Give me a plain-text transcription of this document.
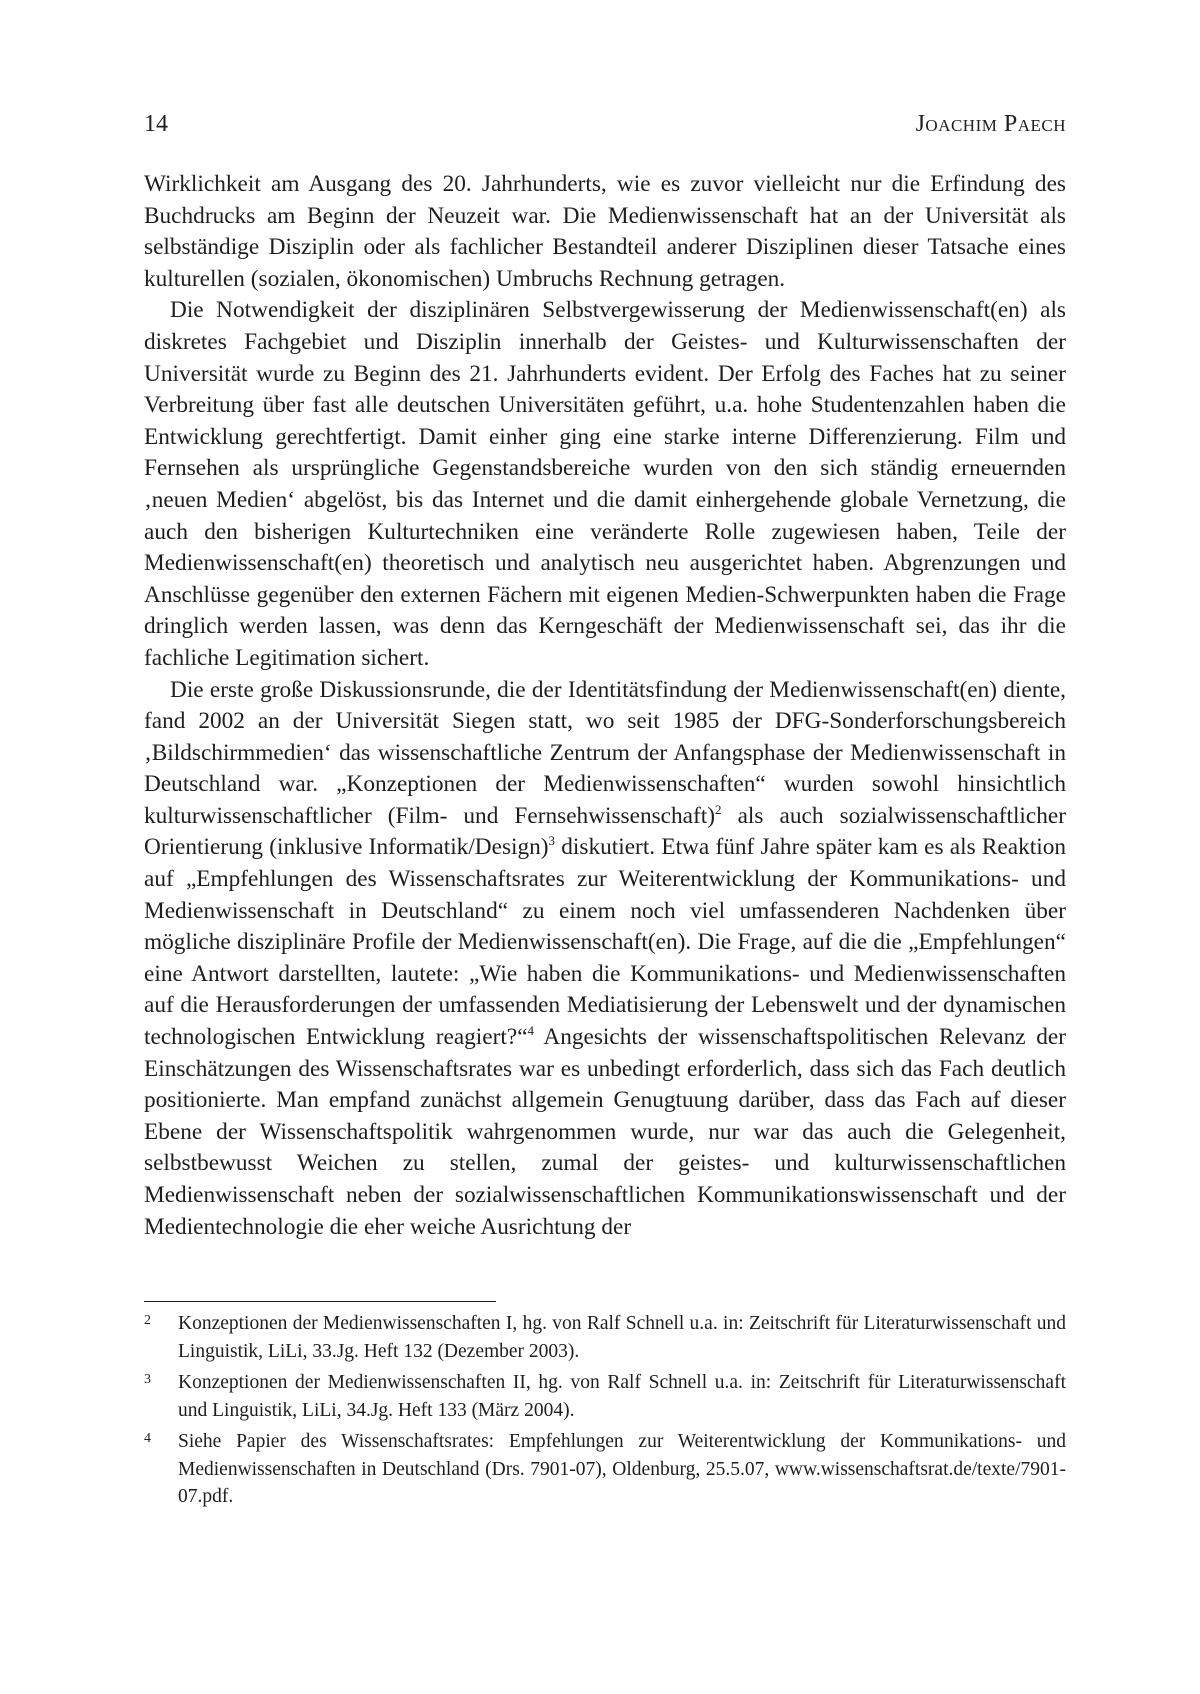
14	Joachim Paech

Wirklichkeit am Ausgang des 20. Jahrhunderts, wie es zuvor vielleicht nur die Erfindung des Buchdrucks am Beginn der Neuzeit war. Die Medienwissenschaft hat an der Universität als selbständige Disziplin oder als fachlicher Bestandteil anderer Disziplinen dieser Tatsache eines kulturellen (sozialen, ökonomischen) Umbruchs Rechnung getragen.

Die Notwendigkeit der disziplinären Selbstvergewisserung der Medienwissenschaft(en) als diskretes Fachgebiet und Disziplin innerhalb der Geistes- und Kulturwissenschaften der Universität wurde zu Beginn des 21. Jahrhunderts evident. Der Erfolg des Faches hat zu seiner Verbreitung über fast alle deutschen Universitäten geführt, u.a. hohe Studentenzahlen haben die Entwicklung gerechtfertigt. Damit einher ging eine starke interne Differenzierung. Film und Fernsehen als ursprüngliche Gegenstandsbereiche wurden von den sich ständig erneuernden ‚neuen Medien‘ abgelöst, bis das Internet und die damit einhergehende globale Vernetzung, die auch den bisherigen Kulturtechniken eine veränderte Rolle zugewiesen haben, Teile der Medienwissenschaft(en) theoretisch und analytisch neu ausgerichtet haben. Abgrenzungen und Anschlüsse gegenüber den externen Fächern mit eigenen Medien-Schwerpunkten haben die Frage dringlich werden lassen, was denn das Kerngeschäft der Medienwissenschaft sei, das ihr die fachliche Legitimation sichert.

Die erste große Diskussionsrunde, die der Identitätsfindung der Medienwissenschaft(en) diente, fand 2002 an der Universität Siegen statt, wo seit 1985 der DFG-Sonderforschungsbereich ‚Bildschirmmedien‘ das wissenschaftliche Zentrum der Anfangsphase der Medienwissenschaft in Deutschland war. „Konzeptionen der Medienwissenschaften“ wurden sowohl hinsichtlich kulturwissenschaftlicher (Film- und Fernsehwissenschaft)$^2$ als auch sozialwissenschaftlicher Orientierung (inklusive Informatik/Design)$^3$ diskutiert. Etwa fünf Jahre später kam es als Reaktion auf „Empfehlungen des Wissenschaftsrates zur Weiterentwicklung der Kommunikations- und Medienwissenschaft in Deutschland“ zu einem noch viel umfassenderen Nachdenken über mögliche disziplinäre Profile der Medienwissenschaft(en). Die Frage, auf die die „Empfehlungen“ eine Antwort darstellten, lautete: „Wie haben die Kommunikations- und Medienwissenschaften auf die Herausforderungen der umfassenden Mediatisierung der Lebenswelt und der dynamischen technologischen Entwicklung reagiert?“$^4$ Angesichts der wissenschaftspolitischen Relevanz der Einschätzungen des Wissenschaftsrates war es unbedingt erforderlich, dass sich das Fach deutlich positionierte. Man empfand zunächst allgemein Genugtuung darüber, dass das Fach auf dieser Ebene der Wissenschaftspolitik wahrgenommen wurde, nur war das auch die Gelegenheit, selbstbewusst Weichen zu stellen, zumal der geistes- und kulturwissenschaftlichen Medienwissenschaft neben der sozialwissenschaftlichen Kommunikationswissenschaft und der Medientechnologie die eher weiche Ausrichtung der

2 Konzeptionen der Medienwissenschaften I, hg. von Ralf Schnell u.a. in: Zeitschrift für Literaturwissenschaft und Linguistik, LiLi, 33.Jg. Heft 132 (Dezember 2003).

3 Konzeptionen der Medienwissenschaften II, hg. von Ralf Schnell u.a. in: Zeitschrift für Literaturwissenschaft und Linguistik, LiLi, 34.Jg. Heft 133 (März 2004).

4 Siehe Papier des Wissenschaftsrates: Empfehlungen zur Weiterentwicklung der Kommunikations- und Medienwissenschaften in Deutschland (Drs. 7901-07), Oldenburg, 25.5.07, www.wissenschaftsrat.​de/texte/7901-07.pdf.
